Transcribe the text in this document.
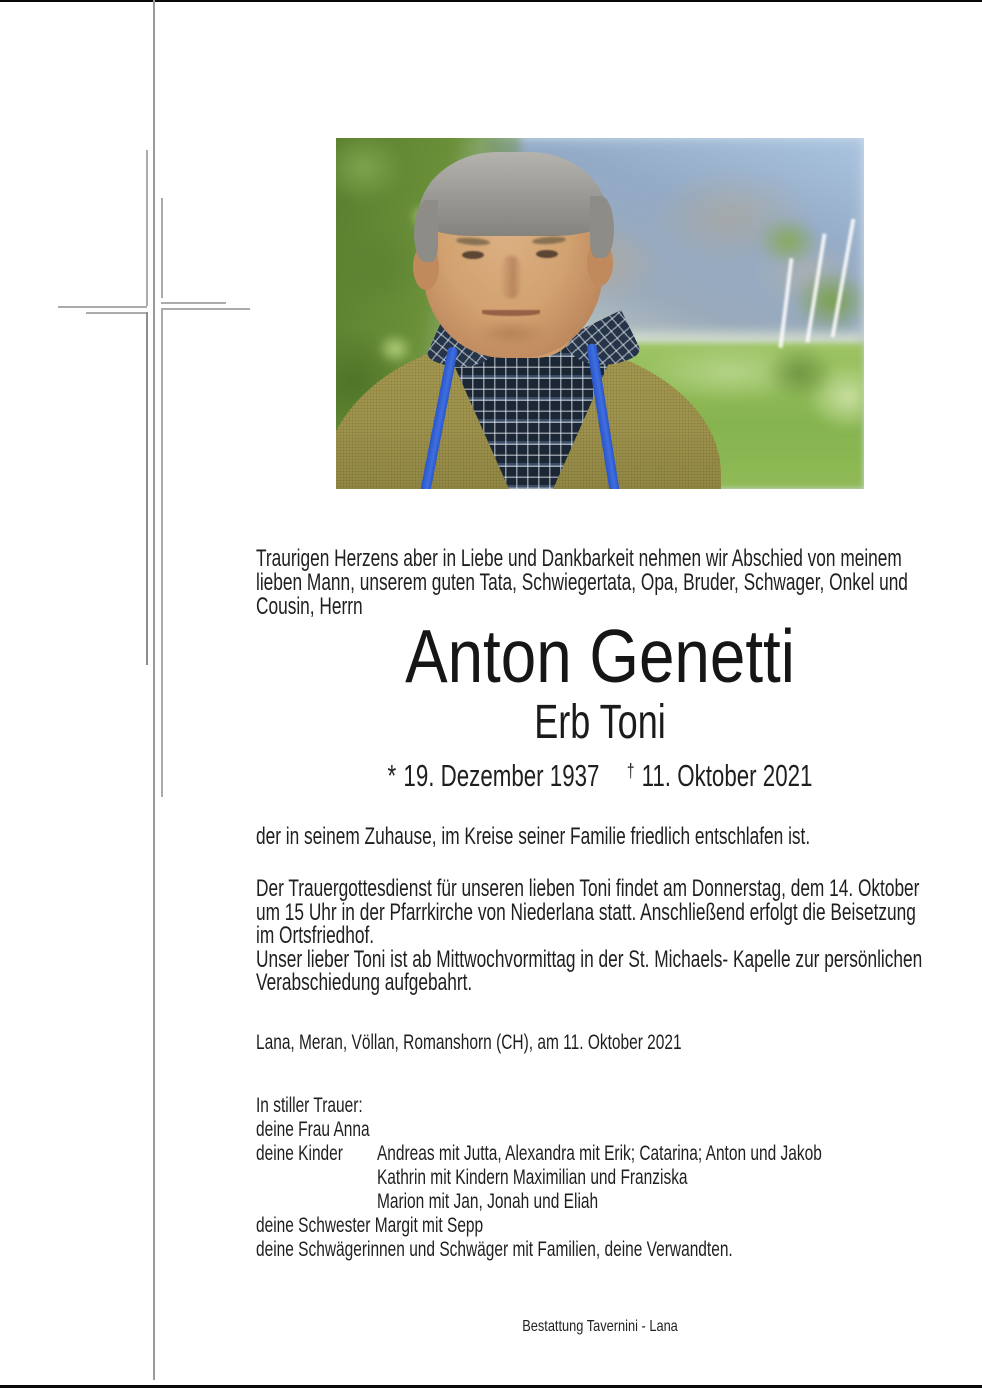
Traurigen Herzens aber in Liebe und Dankbarkeit nehmen wir Abschied von meinem
lieben Mann, unserem guten Tata, Schwiegertata, Opa, Bruder, Schwager, Onkel und
Cousin, Herrn
Anton Genetti
Erb Toni
* 19. Dezember 1937 † 11. Oktober 2021
der in seinem Zuhause, im Kreise seiner Familie friedlich entschlafen ist.
Der Trauergottesdienst für unseren lieben Toni findet am Donnerstag, dem 14. Oktober
um 15 Uhr in der Pfarrkirche von Niederlana statt. Anschließend erfolgt die Beisetzung
im Ortsfriedhof.
Unser lieber Toni ist ab Mittwochvormittag in der St. Michaels- Kapelle zur persönlichen
Verabschiedung aufgebahrt.
Lana, Meran, Völlan, Romanshorn (CH), am 11. Oktober 2021
In stiller Trauer:
deine Frau Anna
deine Kinder Andreas mit Jutta, Alexandra mit Erik; Catarina; Anton und Jakob
Kathrin mit Kindern Maximilian und Franziska
Marion mit Jan, Jonah und Eliah
deine Schwester Margit mit Sepp
deine Schwägerinnen und Schwäger mit Familien, deine Verwandten.
Bestattung Tavernini - Lana
